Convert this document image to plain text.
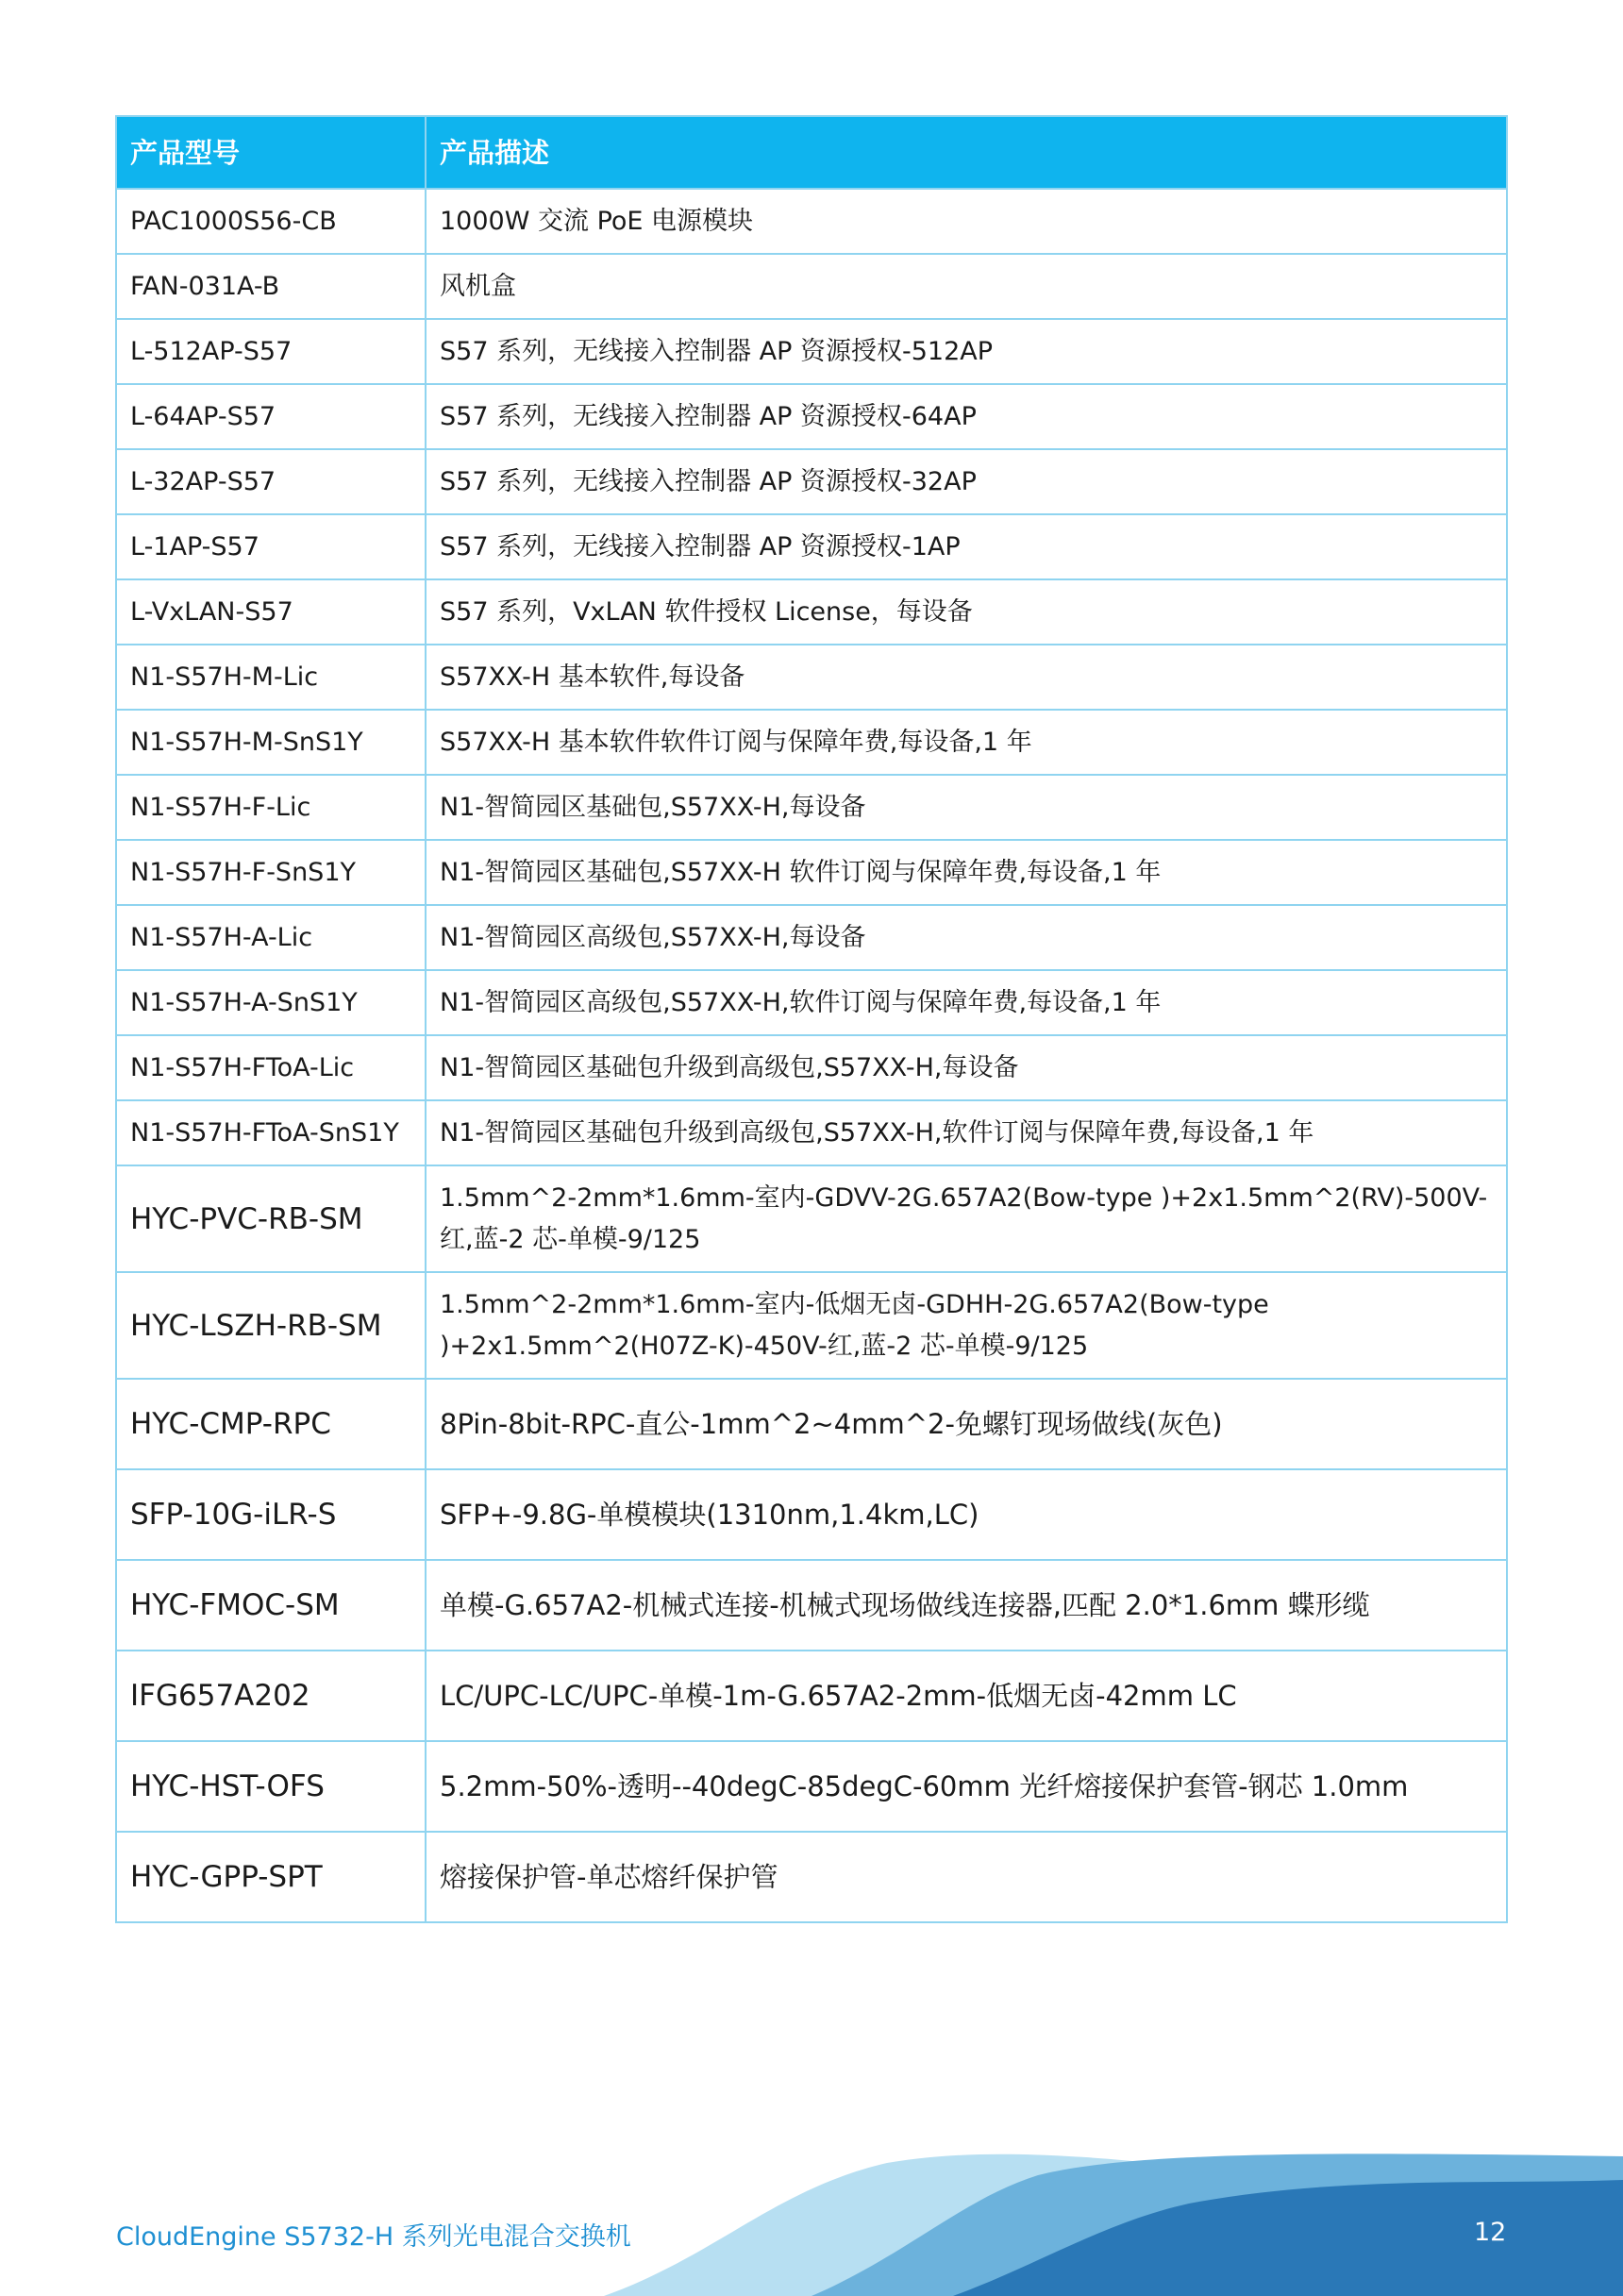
产品型号	产品描述
PAC1000S56-CB	1000W 交流 PoE 电源模块
FAN-031A-B	风机盒
L-512AP-S57	S57 系列，无线接入控制器 AP 资源授权-512AP
L-64AP-S57	S57 系列，无线接入控制器 AP 资源授权-64AP
L-32AP-S57	S57 系列，无线接入控制器 AP 资源授权-32AP
L-1AP-S57	S57 系列，无线接入控制器 AP 资源授权-1AP
L-VxLAN-S57	S57 系列，VxLAN 软件授权 License，每设备
N1-S57H-M-Lic	S57XX-H 基本软件,每设备
N1-S57H-M-SnS1Y	S57XX-H 基本软件软件订阅与保障年费,每设备,1 年
N1-S57H-F-Lic	N1-智简园区基础包,S57XX-H,每设备
N1-S57H-F-SnS1Y	N1-智简园区基础包,S57XX-H 软件订阅与保障年费,每设备,1 年
N1-S57H-A-Lic	N1-智简园区高级包,S57XX-H,每设备
N1-S57H-A-SnS1Y	N1-智简园区高级包,S57XX-H,软件订阅与保障年费,每设备,1 年
N1-S57H-FToA-Lic	N1-智简园区基础包升级到高级包,S57XX-H,每设备
N1-S57H-FToA-SnS1Y	N1-智简园区基础包升级到高级包,S57XX-H,软件订阅与保障年费,每设备,1 年
HYC-PVC-RB-SM	1.5mm^2-2mm*1.6mm-室内-GDVV-2G.657A2(Bow-type )+2x1.5mm^2(RV)-500V-红,蓝-2 芯-单模-9/125
HYC-LSZH-RB-SM	1.5mm^2-2mm*1.6mm-室内-低烟无卤-GDHH-2G.657A2(Bow-type )+2x1.5mm^2(H07Z-K)-450V-红,蓝-2 芯-单模-9/125
HYC-CMP-RPC	8Pin-8bit-RPC-直公-1mm^2~4mm^2-免螺钉现场做线(灰色)
SFP-10G-iLR-S	SFP+-9.8G-单模模块(1310nm,1.4km,LC)
HYC-FMOC-SM	单模-G.657A2-机械式连接-机械式现场做线连接器,匹配 2.0*1.6mm 蝶形缆
IFG657A202	LC/UPC-LC/UPC-单模-1m-G.657A2-2mm-低烟无卤-42mm LC
HYC-HST-OFS	5.2mm-50%-透明--40degC-85degC-60mm 光纤熔接保护套管-钢芯 1.0mm
HYC-GPP-SPT	熔接保护管-单芯熔纤保护管
CloudEngine S5732-H 系列光电混合交换机	12
